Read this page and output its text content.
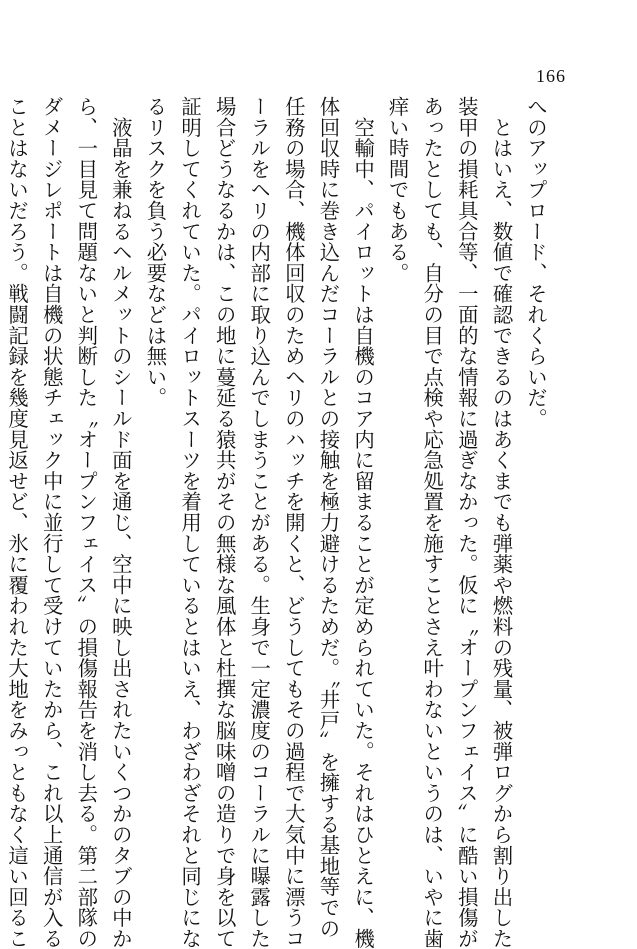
166

へのアップロード、それくらいだ。

　とはいえ、数値で確認できるのはあくまでも弾薬や燃料の残量、被弾ログから割り出した

装甲の損耗具合等、一面的な情報に過ぎなかった。仮に〝オープンフェイス〟に酷い損傷が

あったとしても、自分の目で点検や応急処置を施すことさえ叶わないというのは、いやに歯

痒い時間でもある。

　空輸中、パイロットは自機のコア内に留まることが定められていた。それはひとえに、機

体回収時に巻き込んだコーラルとの接触を極力避けるためだ。〝井戸〟を擁する基地等での

任務の場合、機体回収のためヘリのハッチを開くと、どうしてもその過程で大気中に漂うコ

ーラルをヘリの内部に取り込んでしまうことがある。生身で一定濃度のコーラルに曝露した

場合どうなるかは、この地に蔓延る猿共がその無様な風体と杜撰な脳味噌の造りで身を以て

証明してくれていた。パイロットスーツを着用しているとはいえ、わざわざそれと同じにな

るリスクを負う必要などは無い。

　液晶を兼ねるヘルメットのシールド面を通じ、空中に映し出されたいくつかのタブの中か

ら、一目見て問題ないと判断した〝オープンフェイス〟の損傷報告を消し去る。第二部隊の

ダメージレポートは自機の状態チェック中に並行して受けていたから、これ以上通信が入る

ことはないだろう。戦闘記録を幾度見返せど、氷に覆われた大地をみっともなく這い回るこ
